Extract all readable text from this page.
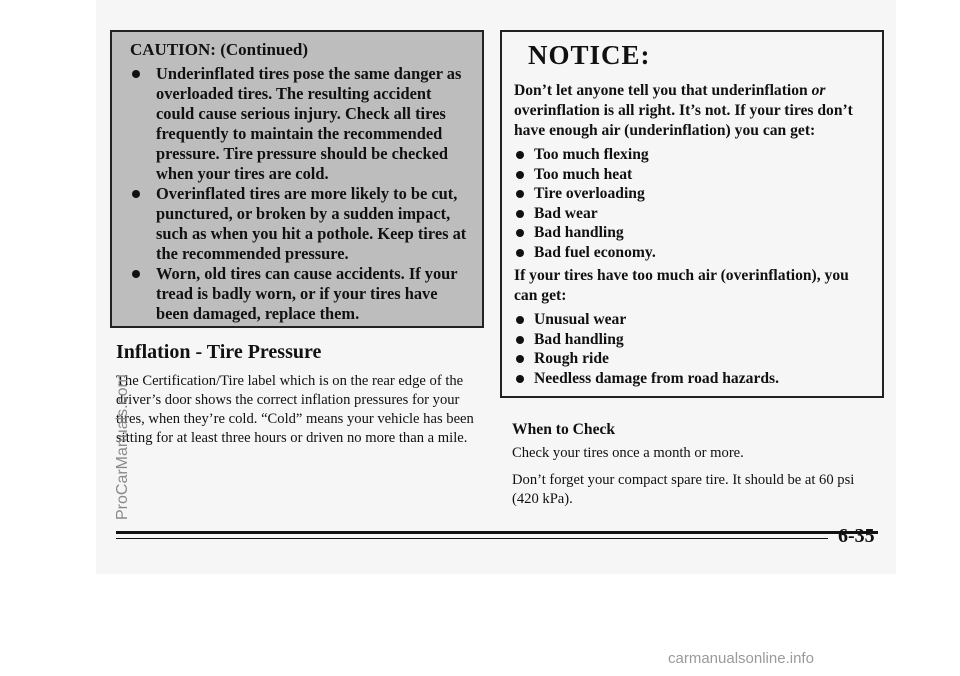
CAUTION: (Continued)
Underinflated tires pose the same danger as overloaded tires. The resulting accident could cause serious injury. Check all tires frequently to maintain the recommended pressure. Tire pressure should be checked when your tires are cold.
Overinflated tires are more likely to be cut, punctured, or broken by a sudden impact, such as when you hit a pothole. Keep tires at the recommended pressure.
Worn, old tires can cause accidents. If your tread is badly worn, or if your tires have been damaged, replace them.
Inflation - Tire Pressure
The Certification/Tire label which is on the rear edge of the driver’s door shows the correct inflation pressures for your tires, when they’re cold. “Cold” means your vehicle has been sitting for at least three hours or driven no more than a mile.
NOTICE:

Don’t let anyone tell you that underinflation or overinflation is all right. It’s not. If your tires don’t have enough air (underinflation) you can get:

Too much flexing
Too much heat
Tire overloading
Bad wear
Bad handling
Bad fuel economy.

If your tires have too much air (overinflation), you can get:

Unusual wear
Bad handling
Rough ride
Needless damage from road hazards.
When to Check
Check your tires once a month or more.
Don’t forget your compact spare tire. It should be at 60 psi (420 kPa).
6-35
ProCarManuals.com
carmanualsonline.info
